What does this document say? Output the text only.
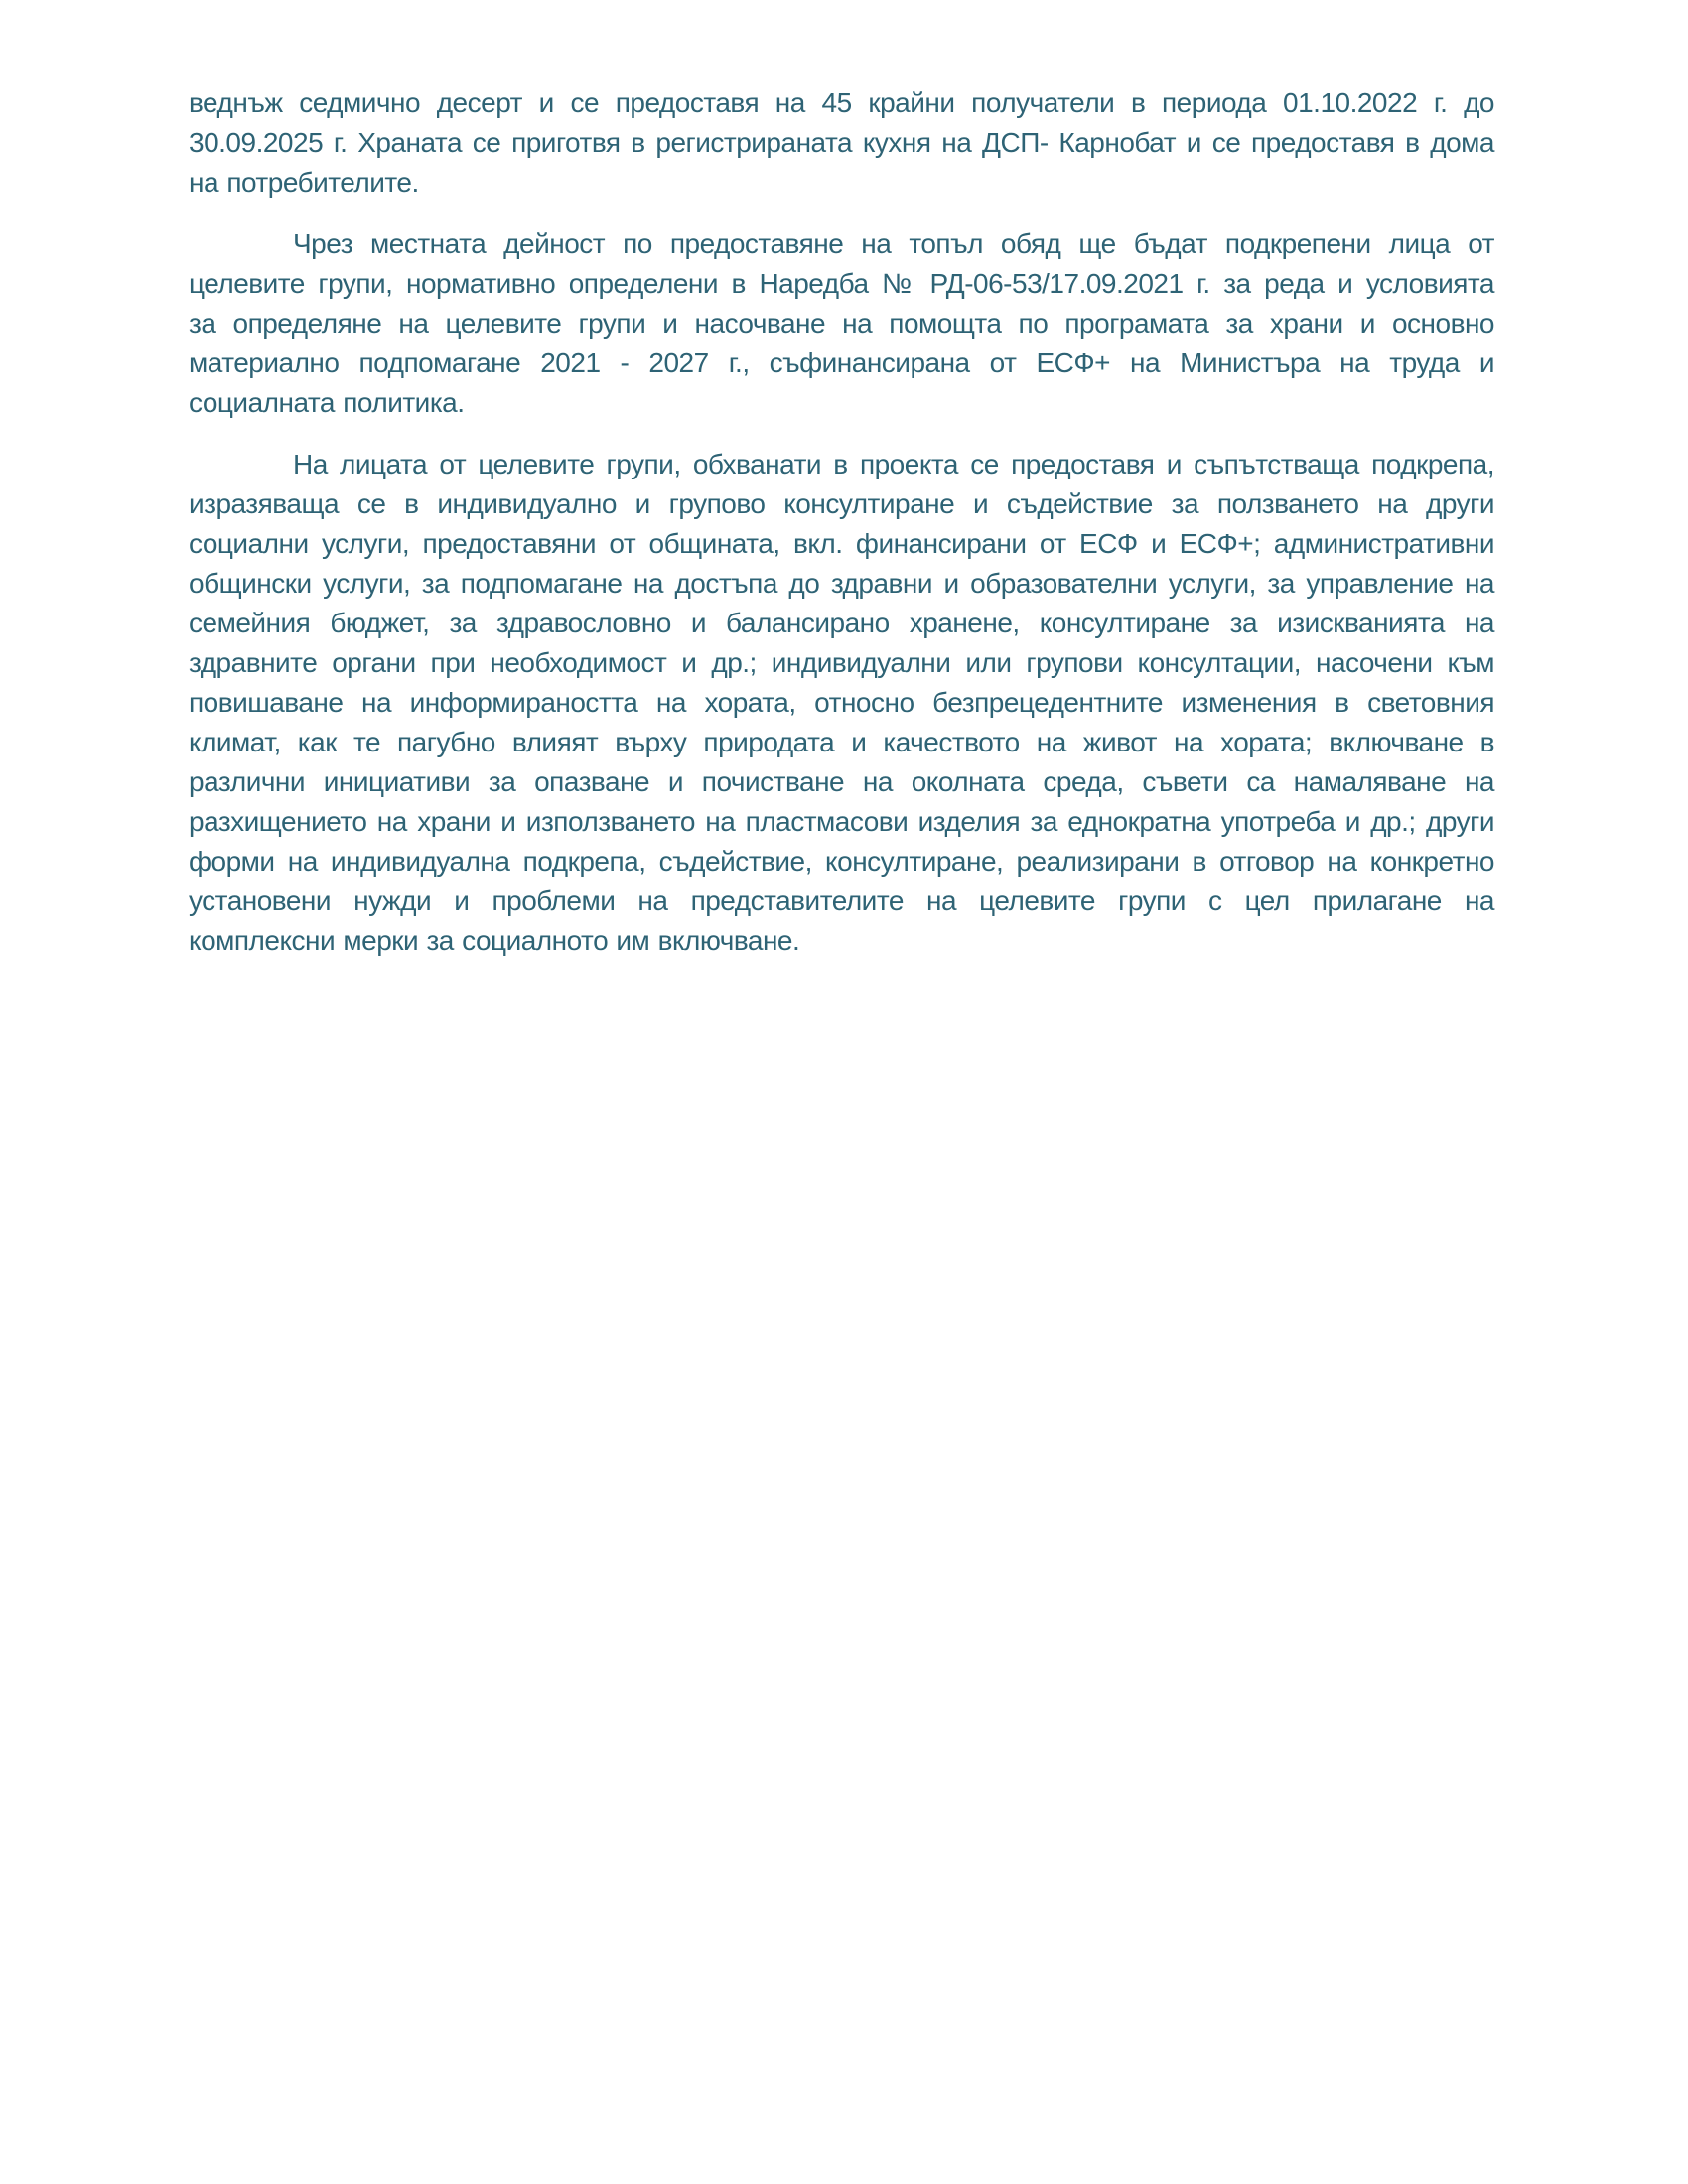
веднъж седмично десерт и се предоставя на 45 крайни получатели в периода 01.10.2022 г. до
30.09.2025 г. Храната се приготвя в регистрираната кухня на ДСП- Карнобат и се предоставя в дома
на потребителите.
Чрез местната дейност по предоставяне на топъл обяд ще бъдат подкрепени лица от
целевите групи, нормативно определени в Наредба № РД-06-53/17.09.2021 г. за реда и условията
за определяне на целевите групи и насочване на помощта по програмата за храни и основно
материално подпомагане 2021 - 2027 г., съфинансирана от ЕСФ+ на Министъра на труда и
социалната политика.
На лицата от целевите групи, обхванати в проекта се предоставя и съпътстваща подкрепа,
изразяваща се в индивидуално и групово консултиране и съдействие за ползването на други
социални услуги, предоставяни от общината, вкл. финансирани от ЕСФ и ЕСФ+; административни
общински услуги, за подпомагане на достъпа до здравни и образователни услуги, за управление на
семейния бюджет, за здравословно и балансирано хранене, консултиране за изискванията на
здравните органи при необходимост и др.; индивидуални или групови консултации, насочени към
повишаване на информираността на хората, относно безпрецедентните изменения в световния
климат, как те пагубно влияят върху природата и качеството на живот на хората; включване в
различни инициативи за опазване и почистване на околната среда, съвети са намаляване на
разхищението на храни и използването на пластмасови изделия за еднократна употреба и др.; други
форми на индивидуална подкрепа, съдействие, консултиране, реализирани в отговор на конкретно
установени нужди и проблеми на представителите на целевите групи с цел прилагане на
комплексни мерки за социалното им включване.
